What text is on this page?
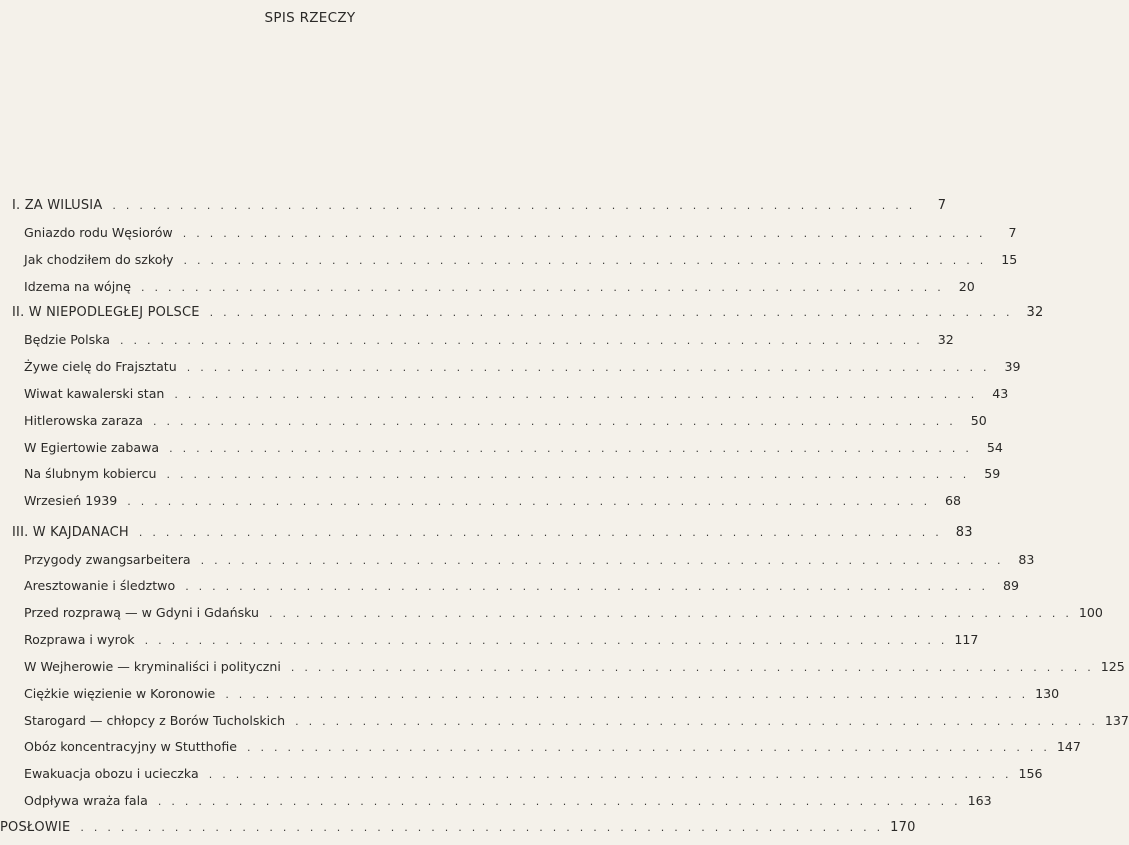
SPIS RZECZY
I. ZA WILUSIA ............................................................	7
Gniazdo rodu Węsiorów ............................................................	7
Jak chodziłem do szkoły ............................................................ 15
Idzema na wójnę ............................................................ 20
II. W NIEPODLEGŁEJ POLSCE ............................................................ 32
Będzie Polska ............................................................ 32
Żywe cielę do Frajsztatu ............................................................ 39
Wiwat kawalerski stan ............................................................ 43
Hitlerowska zaraza ............................................................ 50
W Egiertowie zabawa ............................................................ 54
Na ślubnym kobiercu ............................................................ 59
Wrzesień 1939 ............................................................ 68
III. W KAJDANACH ............................................................ 83
Przygody zwangsarbeitera ............................................................ 83
Aresztowanie i śledztwo ............................................................ 89
Przed rozprawą — w Gdyni i Gdańsku ............................................................ 100
Rozprawa i wyrok ............................................................ 117
W Wejherowie — kryminaliści i polityczni ............................................................ 125
Ciężkie więzienie w Koronowie ............................................................ 130
Starogard — chłopcy z Borów Tucholskich ............................................................ 137
Obóz koncentracyjny w Stutthofie ............................................................ 147
Ewakuacja obozu i ucieczka ............................................................ 156
Odpływa wraża fala ............................................................ 163
POSŁOWIE ............................................................ 170
